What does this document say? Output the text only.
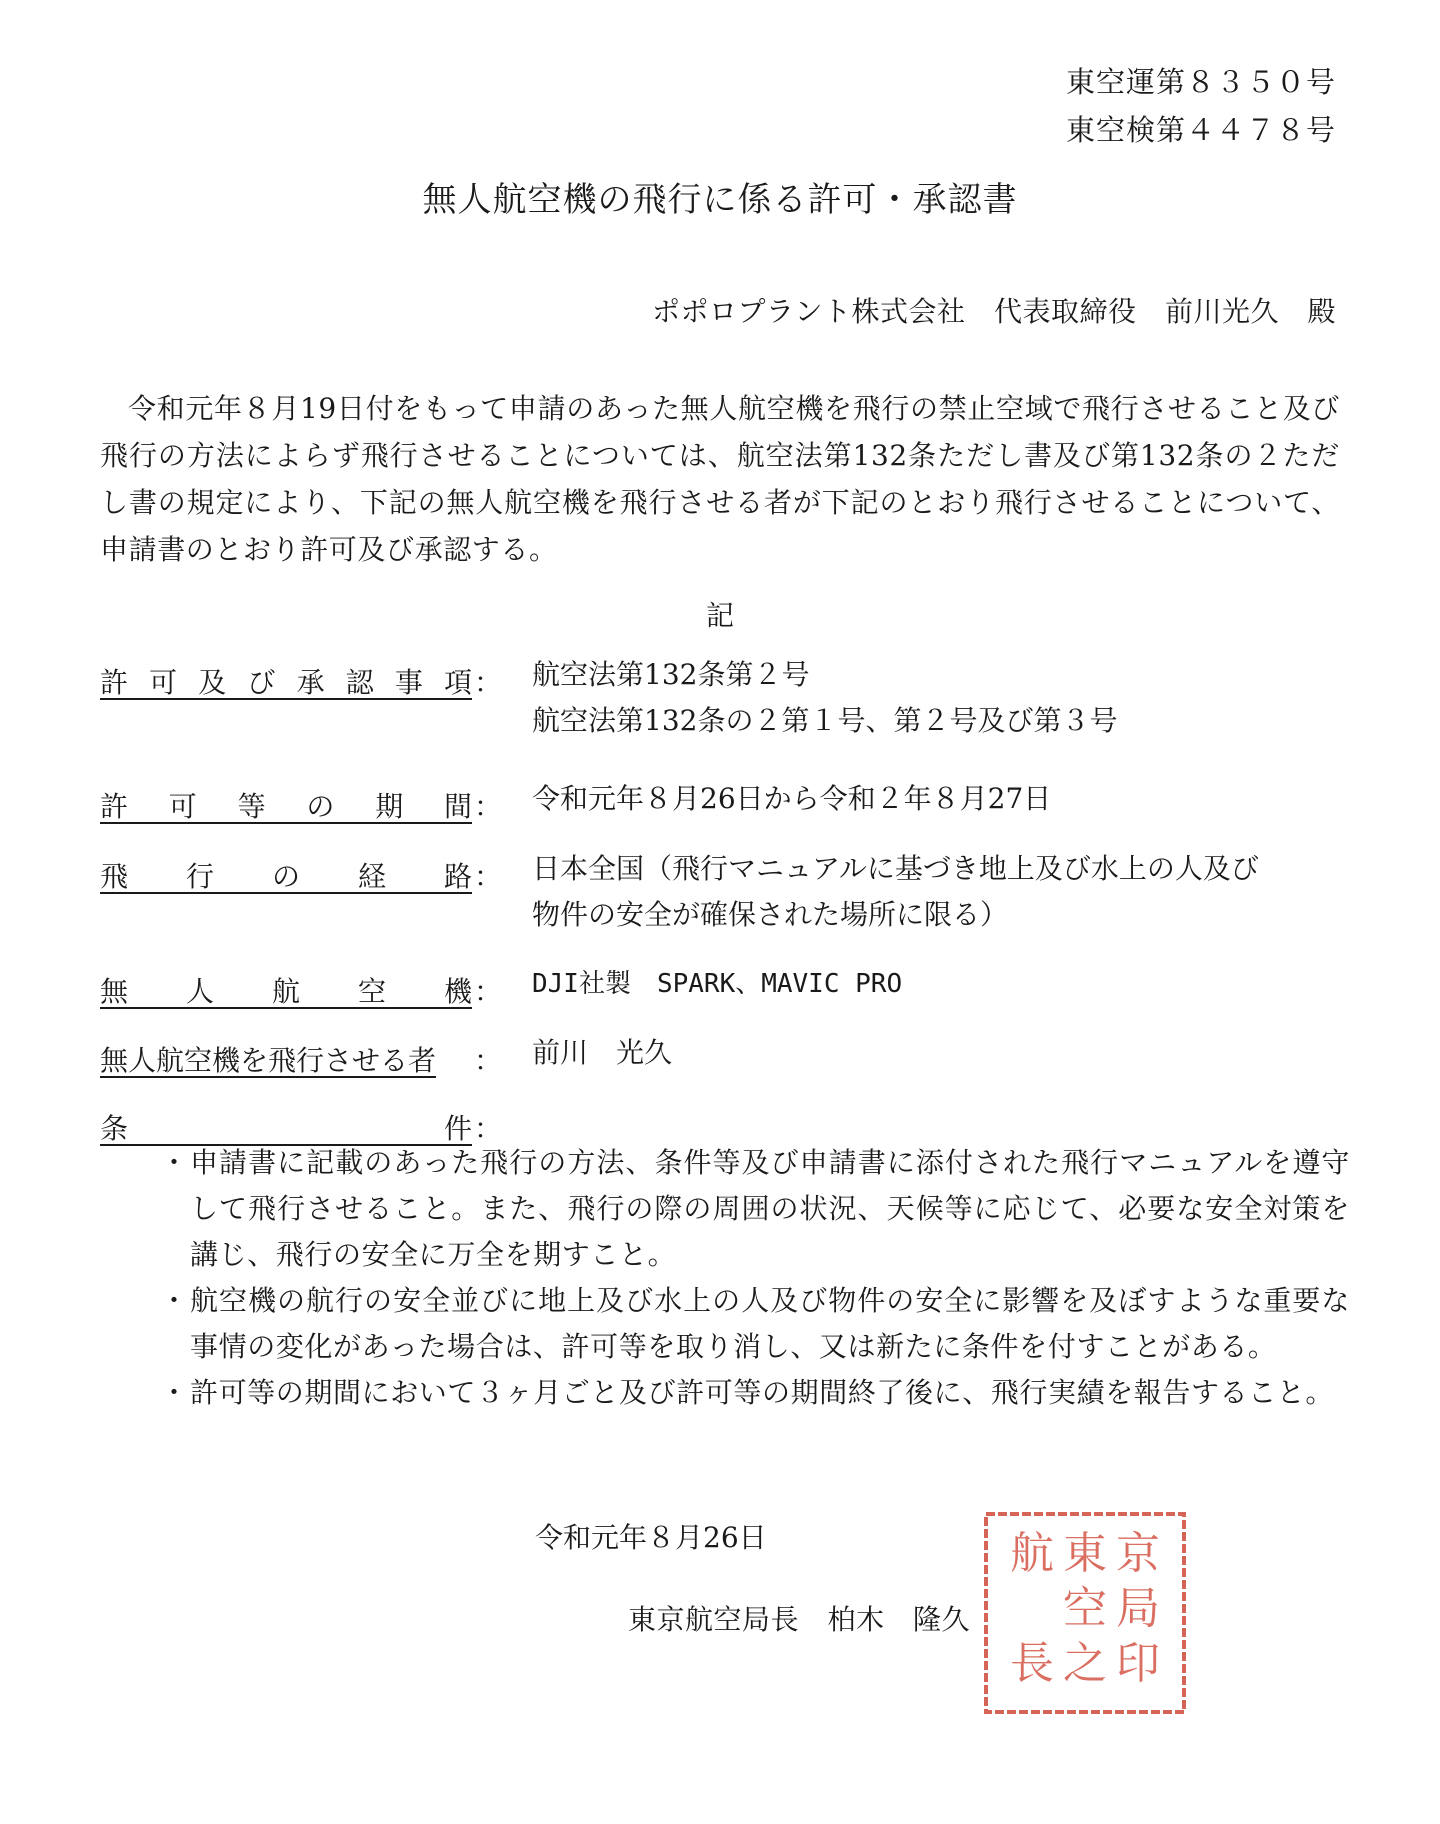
東空運第８３５０号
東空検第４４７８号
無人航空機の飛行に係る許可・承認書
ポポロプラント株式会社　代表取締役　前川光久　殿
令和元年８月19日付をもって申請のあった無人航空機を飛行の禁止空域で飛行させること及び飛行の方法によらず飛行させることについては、航空法第132条ただし書及び第132条の２ただし書の規定により、下記の無人航空機を飛行させる者が下記のとおり飛行させることについて、申請書のとおり許可及び承認する。
記
許可及び承認事項 ： 航空法第132条第２号
航空法第132条の２第１号、第２号及び第３号
許可等の期間 ： 令和元年８月26日から令和２年８月27日
飛行の経路 ： 日本全国（飛行マニュアルに基づき地上及び水上の人及び
物件の安全が確保された場所に限る）
無人航空機 ： DJI社製　SPARK、MAVIC PRO
無人航空機を飛行させる者	： 前川　光久
条件 ：
・ 申請書に記載のあった飛行の方法、条件等及び申請書に添付された飛行マニュアルを遵守して飛行させること。また、飛行の際の周囲の状況、天候等に応じて、必要な安全対策を講じ、飛行の安全に万全を期すこと。
・ 航空機の航行の安全並びに地上及び水上の人及び物件の安全に影響を及ぼすような重要な事情の変化があった場合は、許可等を取り消し、又は新たに条件を付すことがある。
・ 許可等の期間において３ヶ月ごと及び許可等の期間終了後に、飛行実績を報告すること。
令和元年８月26日
東京航空局長　柏木　隆久
東 京
航
空 局
長 之 印
